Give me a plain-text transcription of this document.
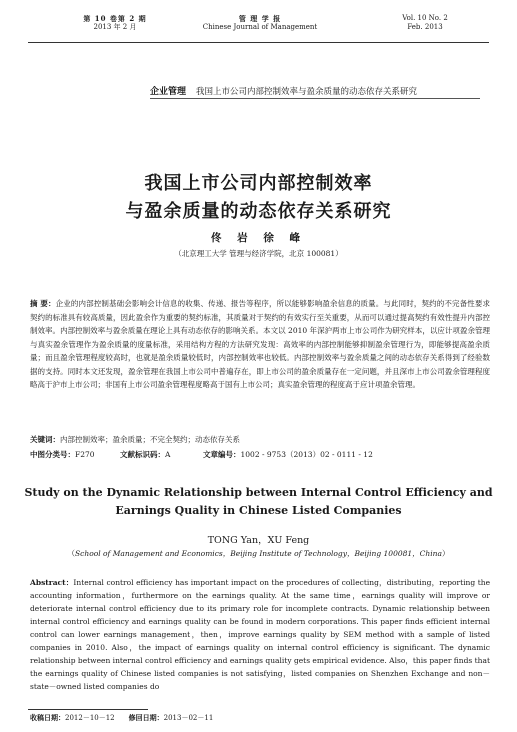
第 10 卷第 2 期
2013 年 2 月
管 理 学 报
Chinese Journal of Management
Vol. 10 No. 2
Feb. 2013
企业管理 我国上市公司内部控制效率与盈余质量的动态依存关系研究
我国上市公司内部控制效率
与盈余质量的动态依存关系研究
佟 岩 徐 峰
（北京理工大学 管理与经济学院，北京 100081）
摘 要：企业的内部控制基础会影响会计信息的收集、传递、报告等程序，所以能够影响盈余信息的质量。与此同时，契约的不完备性要求契约的标准具有较高质量，因此盈余作为重要的契约标准，其质量对于契约的有效实行至关重要，从而可以通过提高契约有效性提升内部控制效率。内部控制效率与盈余质量在理论上具有动态依存的影响关系。本文以 2010 年深沪两市上市公司作为研究样本，以应计项盈余管理与真实盈余管理作为盈余质量的度量标准，采用结构方程的方法研究发现：高效率的内部控制能够抑制盈余管理行为，即能够提高盈余质量；而且盈余管理程度较高时，也就是盈余质量较低时，内部控制效率也较低。内部控制效率与盈余质量之间的动态依存关系得到了经验数据的支持。同时本文还发现，盈余管理在我国上市公司中普遍存在，即上市公司的盈余质量存在一定问题，并且深市上市公司盈余管理程度略高于沪市上市公司；非国有上市公司盈余管理程度略高于国有上市公司；真实盈余管理的程度高于应计项盈余管理。
关键词：内部控制效率；盈余质量；不完全契约；动态依存关系
中图分类号：F270	文献标识码：A	文章编号：1002 - 9753（2013）02 - 0111 - 12
Study on the Dynamic Relationship between Internal Control Efficiency and
Earnings Quality in Chinese Listed Companies
TONG Yan，XU Feng
（School of Management and Economics，Beijing Institute of Technology，Beijing 100081，China）
Abstract：Internal control efficiency has important impact on the procedures of collecting，distributing，reporting the accounting information，furthermore on the earnings quality. At the same time，earnings quality will improve or deteriorate internal control efficiency due to its primary role for incomplete contracts. Dynamic relationship between internal control efficiency and earnings quality can be found in modern corporations. This paper finds efficient internal control can lower earnings management，then，improve earnings quality by SEM method with a sample of listed companies in 2010. Also，the impact of earnings quality on internal control efficiency is significant. The dynamic relationship between internal control efficiency and earnings quality gets empirical evidence. Also，this paper finds that the earnings quality of Chinese listed companies is not satisfying，listed companies on Shenzhen Exchange and non－state－owned listed companies do
收稿日期：2012－10－12 修回日期：2013－02－11
